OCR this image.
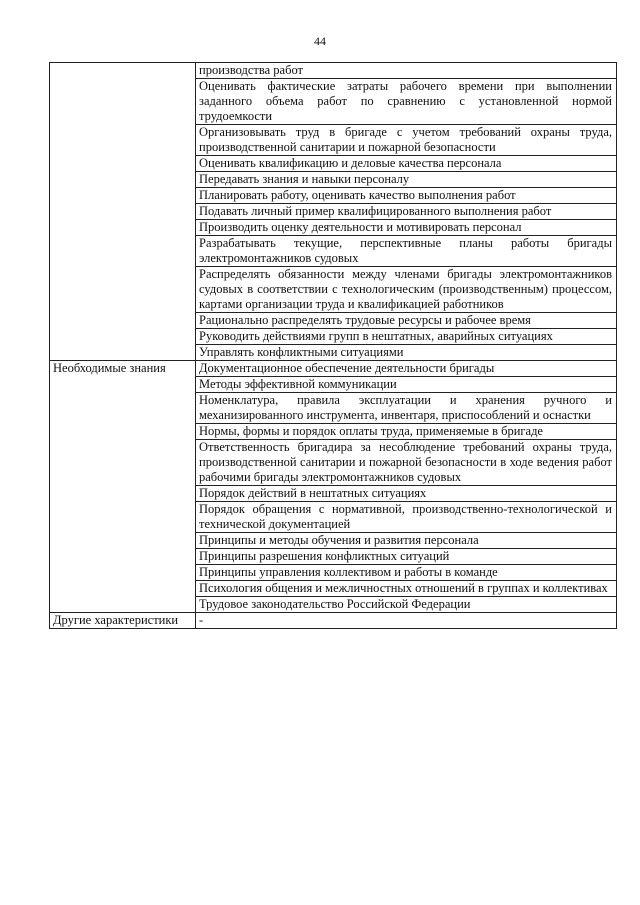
44
	производства работ
	Оценивать фактические затраты рабочего времени при выполнении заданного объема работ по сравнению с установленной нормой трудоемкости
	Организовывать труд в бригаде с учетом требований охраны труда, производственной санитарии и пожарной безопасности
	Оценивать квалификацию и деловые качества персонала
	Передавать знания и навыки персоналу
	Планировать работу, оценивать качество выполнения работ
	Подавать личный пример квалифицированного выполнения работ
	Производить оценку деятельности и мотивировать персонал
	Разрабатывать текущие, перспективные планы работы бригады электромонтажников судовых
	Распределять обязанности между членами бригады электромонтажников судовых в соответствии с технологическим (производственным) процессом, картами организации труда и квалификацией работников
	Рационально распределять трудовые ресурсы и рабочее время
	Руководить действиями групп в нештатных, аварийных ситуациях
	Управлять конфликтными ситуациями
Необходимые знания	Документационное обеспечение деятельности бригады
	Методы эффективной коммуникации
	Номенклатура, правила эксплуатации и хранения ручного и механизированного инструмента, инвентаря, приспособлений и оснастки
	Нормы, формы и порядок оплаты труда, применяемые в бригаде
	Ответственность бригадира за несоблюдение требований охраны труда, производственной санитарии и пожарной безопасности в ходе ведения работ рабочими бригады электромонтажников судовых
	Порядок действий в нештатных ситуациях
	Порядок обращения с нормативной, производственно-технологической и технической документацией
	Принципы и методы обучения и развития персонала
	Принципы разрешения конфликтных ситуаций
	Принципы управления коллективом и работы в команде
	Психология общения и межличностных отношений в группах и коллективах
	Трудовое законодательство Российской Федерации
Другие характеристики	-
